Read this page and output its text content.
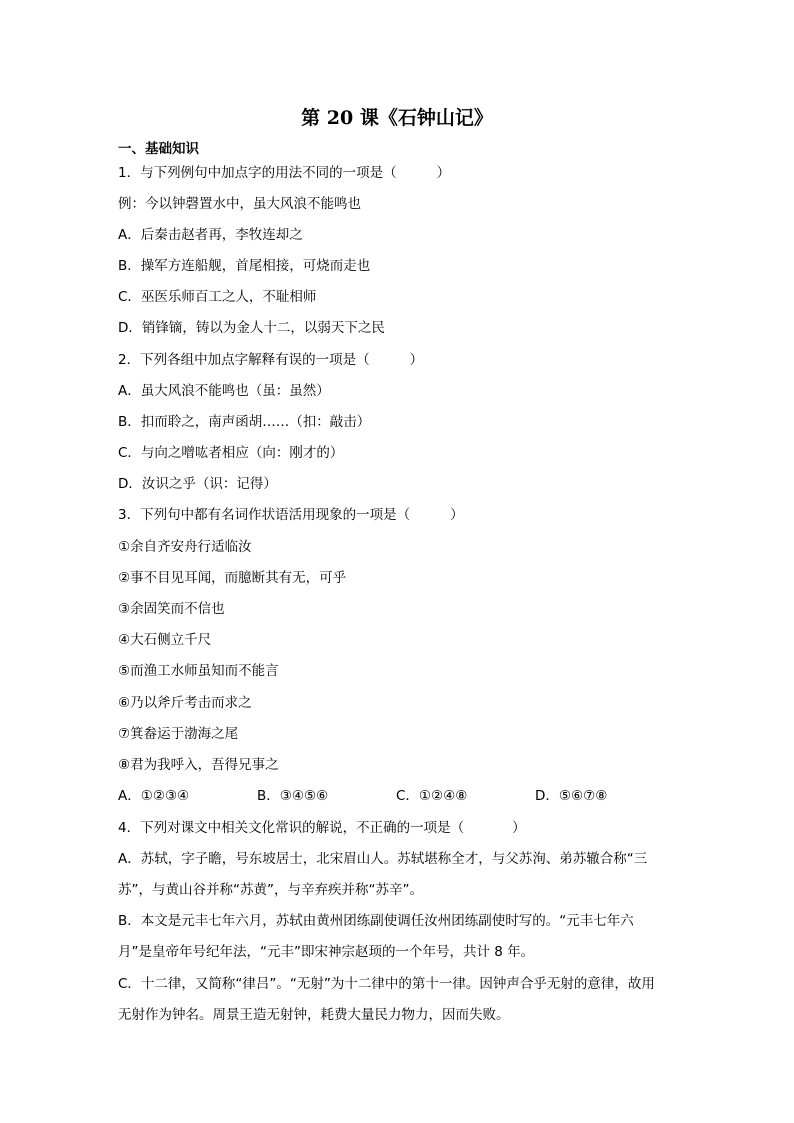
第 20 课《石钟山记》
一、基础知识
1．与下列例句中加点字的用法不同的一项是（	）
例：今以钟磬置水中，虽大风浪不能鸣也
A．后秦击赵者再，李牧连却之
B．操军方连船舰，首尾相接，可烧而走也
C．巫医乐师百工之人，不耻相师
D．销锋镝，铸以为金人十二，以弱天下之民
2．下列各组中加点字解释有误的一项是（	）
A．虽大风浪不能鸣也（虽：虽然）
B．扣而聆之，南声函胡……（扣：敲击）
C．与向之噌吰者相应（向：刚才的）
D．汝识之乎（识：记得）
3．下列句中都有名词作状语活用现象的一项是（	）
①余自齐安舟行适临汝
②事不目见耳闻，而臆断其有无，可乎
③余固笑而不信也
④大石侧立千尺
⑤而渔工水师虽知而不能言
⑥乃以斧斤考击而求之
⑦箕畚运于渤海之尾
⑧君为我呼入，吾得兄事之
A．①②③④	B．③④⑤⑥	C．①②④⑧	D．⑤⑥⑦⑧
4．下列对课文中相关文化常识的解说，不正确的一项是（	）
A．苏轼，字子瞻，号东坡居士，北宋眉山人。苏轼堪称全才，与父苏洵、弟苏辙合称“三
苏”，与黄山谷并称“苏黄”，与辛弃疾并称“苏辛”。
B．本文是元丰七年六月，苏轼由黄州团练副使调任汝州团练副使时写的。“元丰七年六
月”是皇帝年号纪年法，“元丰”即宋神宗赵顼的一个年号，共计 8 年。
C．十二律，又简称“律吕”。“无射”为十二律中的第十一律。因钟声合乎无射的意律，故用
无射作为钟名。周景王造无射钟，耗费大量民力物力，因而失败。
